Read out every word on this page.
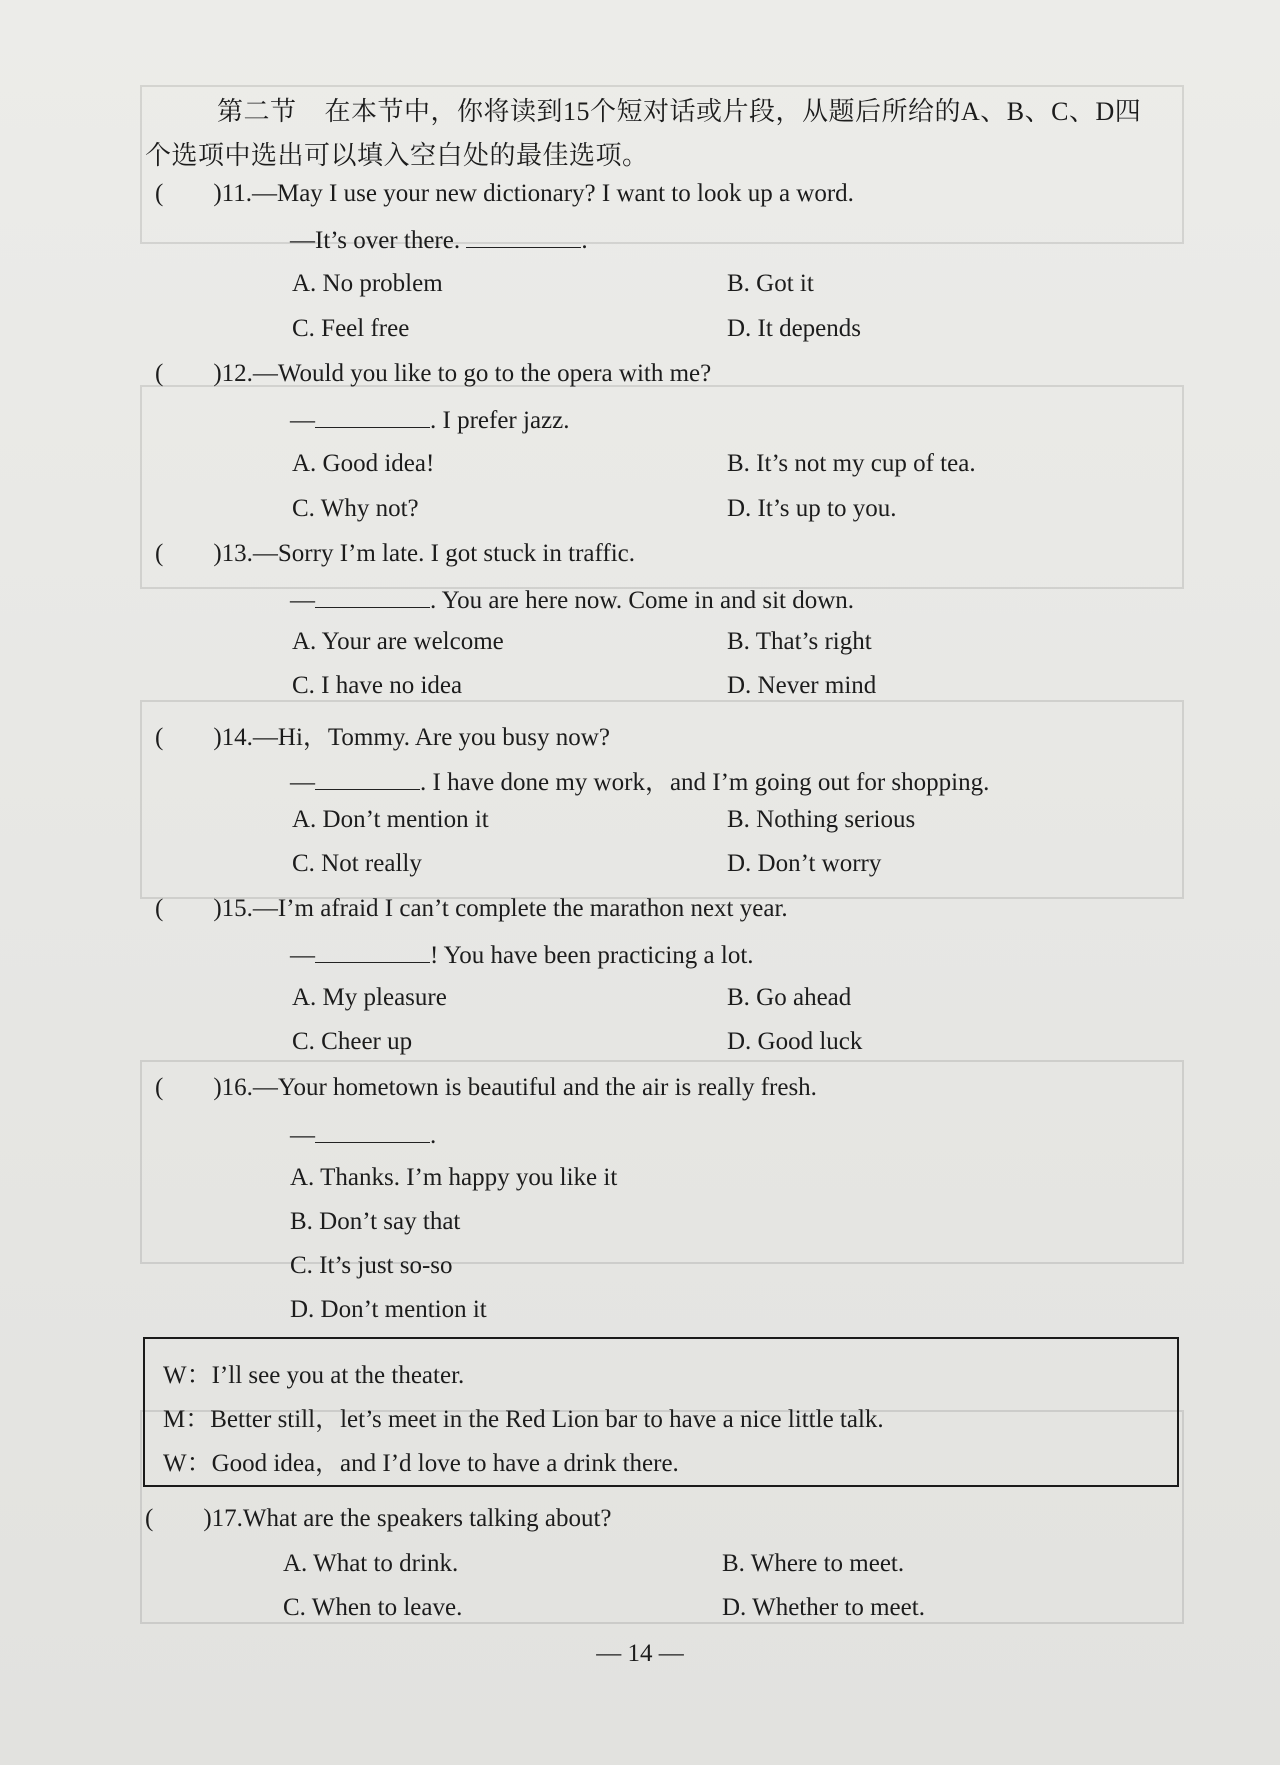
第二节 在本节中，你将读到15个短对话或片段，从题后所给的A、B、C、D四
个选项中选出可以填入空白处的最佳选项。
( )11.—May I use your new dictionary? I want to look up a word.
—It’s over there.	.
A. No problem	B. Got it
C. Feel free	D. It depends
( )12.—Would you like to go to the opera with me?
—	. I prefer jazz.
A. Good idea!	B. It’s not my cup of tea.
C. Why not?	D. It’s up to you.
( )13.—Sorry I’m late. I got stuck in traffic.
—	. You are here now. Come in and sit down.
A. Your are welcome	B. That’s right
C. I have no idea	D. Never mind
( )14.—Hi，Tommy. Are you busy now?
—	. I have done my work，and I’m going out for shopping.
A. Don’t mention it	B. Nothing serious
C. Not really	D. Don’t worry
( )15.—I’m afraid I can’t complete the marathon next year.
—	! You have been practicing a lot.
A. My pleasure	B. Go ahead
C. Cheer up	D. Good luck
( )16.—Your hometown is beautiful and the air is really fresh.
—	.
A. Thanks. I’m happy you like it
B. Don’t say that
C. It’s just so-so
D. Don’t mention it
W：I’ll see you at the theater.
M：Better still，let’s meet in the Red Lion bar to have a nice little talk.
W：Good idea，and I’d love to have a drink there.
( )17.What are the speakers talking about?
A. What to drink.	B. Where to meet.
C. When to leave.	D. Whether to meet.
— 14 —
